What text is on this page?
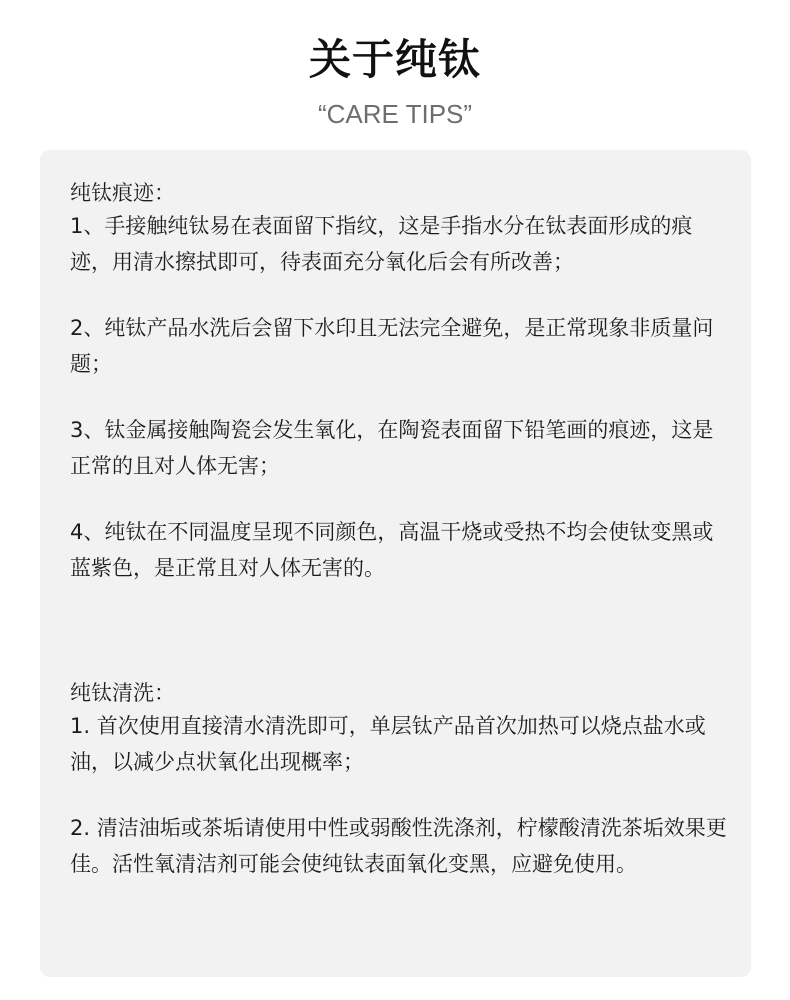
关于纯钛
“CARE TIPS”
纯钛痕迹：

1、手接触纯钛易在表面留下指纹，这是手指水分在钛表面形成的痕迹，用清水擦拭即可，待表面充分氧化后会有所改善；

2、纯钛产品水洗后会留下水印且无法完全避免，是正常现象非质量问题；

3、钛金属接触陶瓷会发生氧化，在陶瓷表面留下铅笔画的痕迹，这是正常的且对人体无害；

4、纯钛在不同温度呈现不同颜色，高温干烧或受热不均会使钛变黑或蓝紫色，是正常且对人体无害的。

纯钛清洗：

1. 首次使用直接清水清洗即可，单层钛产品首次加热可以烧点盐水或油，以减少点状氧化出现概率；

2. 清洁油垢或茶垢请使用中性或弱酸性洗涤剂，柠檬酸清洗茶垢效果更佳。活性氧清洁剂可能会使纯钛表面氧化变黑，应避免使用。
